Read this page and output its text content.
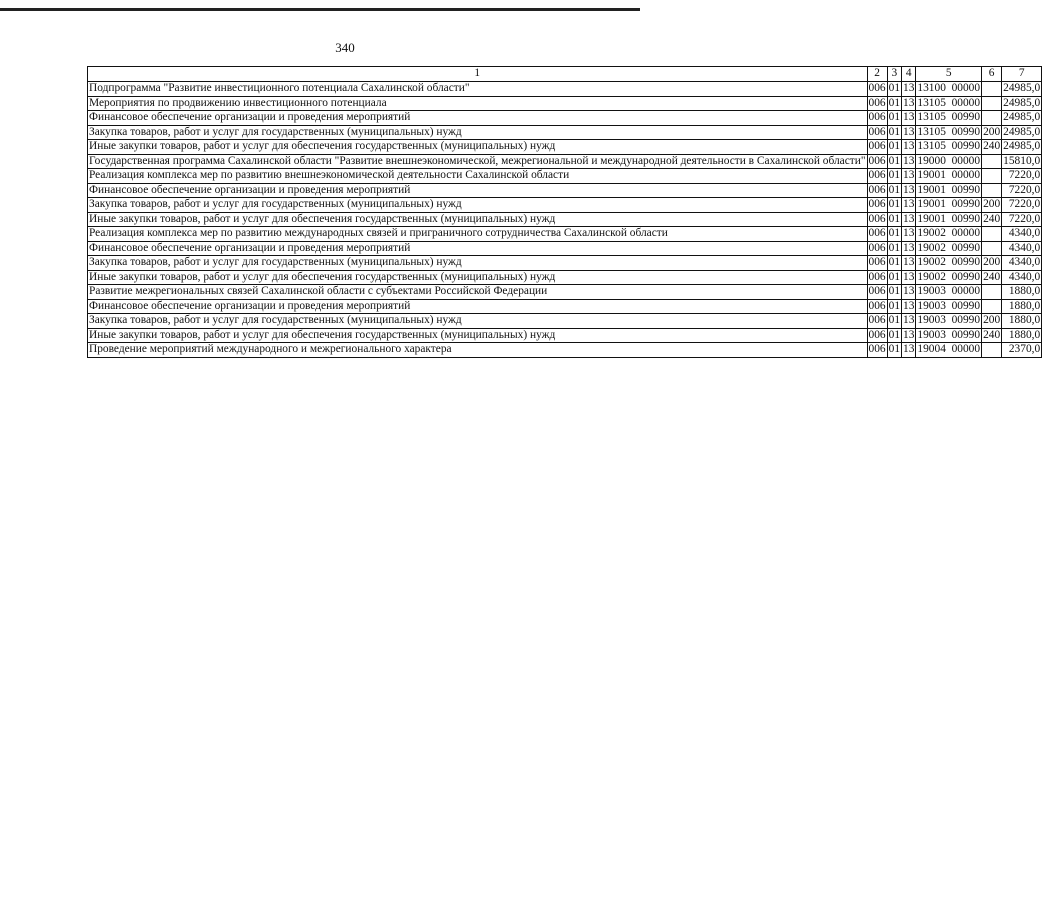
340
1	2	3	4	5	6	7
Подпрограмма "Развитие инвестиционного потенциала Сахалинской области"	006	01	13	13100  00000		24985,0
Мероприятия по продвижению инвестиционного потенциала	006	01	13	13105  00000		24985,0
Финансовое обеспечение организации и проведения мероприятий	006	01	13	13105  00990		24985,0
Закупка товаров, работ и услуг для государственных (муниципальных) нужд	006	01	13	13105  00990	200	24985,0
Иные закупки товаров, работ и услуг для обеспечения государственных (муниципальных) нужд	006	01	13	13105  00990	240	24985,0
Государственная программа Сахалинской области "Развитие внешнеэкономической, межрегиональной и международной деятельности в Сахалинской области"	006	01	13	19000  00000		15810,0
Реализация комплекса мер по развитию внешнеэкономической деятельности Сахалинской области	006	01	13	19001  00000		7220,0
Финансовое обеспечение организации и проведения мероприятий	006	01	13	19001  00990		7220,0
Закупка товаров, работ и услуг для государственных (муниципальных) нужд	006	01	13	19001  00990	200	7220,0
Иные закупки товаров, работ и услуг для обеспечения государственных (муниципальных) нужд	006	01	13	19001  00990	240	7220,0
Реализация комплекса мер по развитию международных связей и приграничного сотрудничества Сахалинской области	006	01	13	19002  00000		4340,0
Финансовое обеспечение организации и проведения мероприятий	006	01	13	19002  00990		4340,0
Закупка товаров, работ и услуг для государственных (муниципальных) нужд	006	01	13	19002  00990	200	4340,0
Иные закупки товаров, работ и услуг для обеспечения государственных (муниципальных) нужд	006	01	13	19002  00990	240	4340,0
Развитие межрегиональных связей Сахалинской области с субъектами Российской Федерации	006	01	13	19003  00000		1880,0
Финансовое обеспечение организации и проведения мероприятий	006	01	13	19003  00990		1880,0
Закупка товаров, работ и услуг для государственных (муниципальных) нужд	006	01	13	19003  00990	200	1880,0
Иные закупки товаров, работ и услуг для обеспечения государственных (муниципальных) нужд	006	01	13	19003  00990	240	1880,0
Проведение мероприятий международного и межрегионального характера	006	01	13	19004  00000		2370,0
